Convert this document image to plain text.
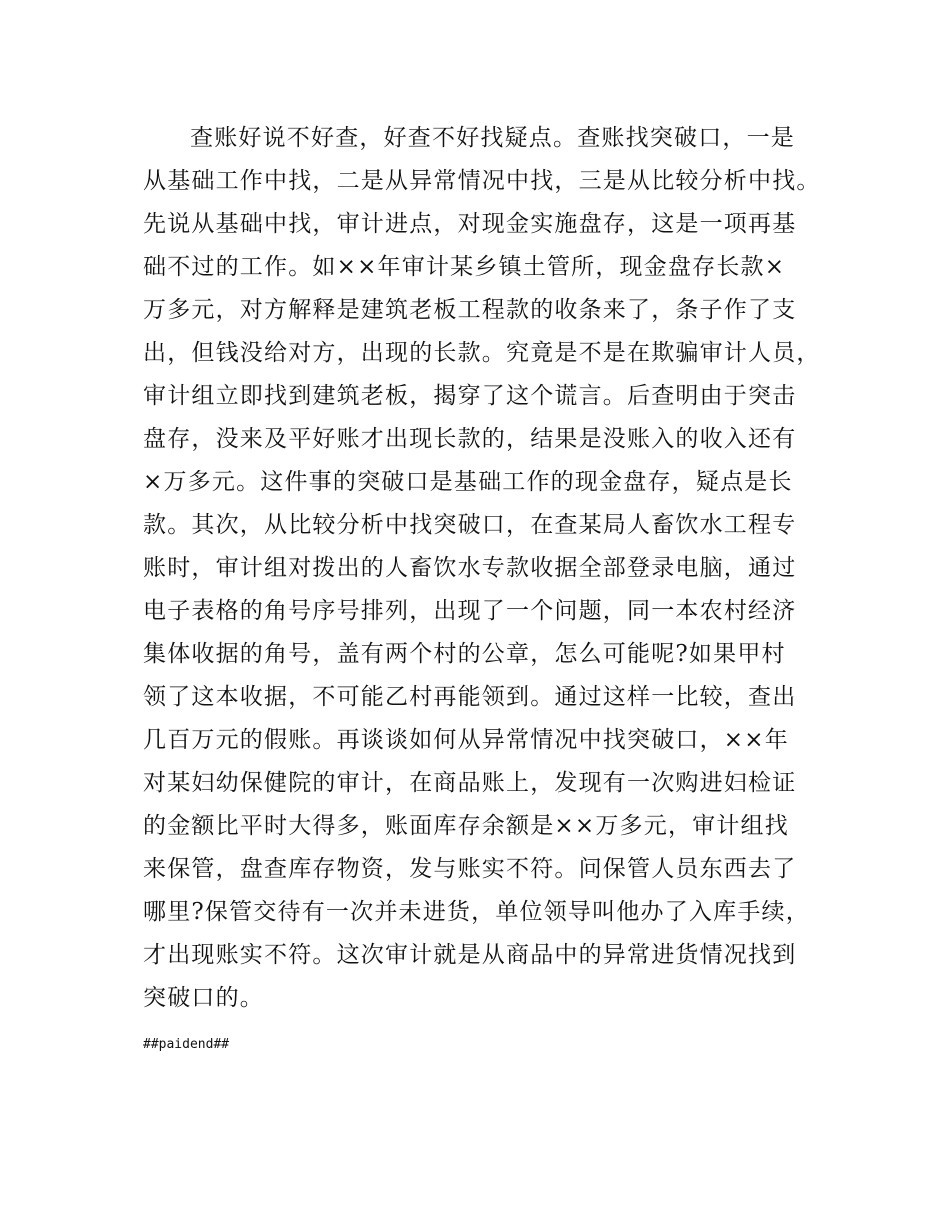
查账好说不好查，好查不好找疑点。查账找突破口，一是
从基础工作中找，二是从异常情况中找，三是从比较分析中找。
先说从基础中找，审计进点，对现金实施盘存，这是一项再基
础不过的工作。如××年审计某乡镇土管所，现金盘存长款×
万多元，对方解释是建筑老板工程款的收条来了，条子作了支
出，但钱没给对方，出现的长款。究竟是不是在欺骗审计人员，
审计组立即找到建筑老板，揭穿了这个谎言。后查明由于突击
盘存，没来及平好账才出现长款的，结果是没账入的收入还有
×万多元。这件事的突破口是基础工作的现金盘存，疑点是长
款。其次，从比较分析中找突破口，在查某局人畜饮水工程专
账时，审计组对拨出的人畜饮水专款收据全部登录电脑，通过
电子表格的角号序号排列，出现了一个问题，同一本农村经济
集体收据的角号，盖有两个村的公章，怎么可能呢?如果甲村
领了这本收据，不可能乙村再能领到。通过这样一比较，查出
几百万元的假账。再谈谈如何从异常情况中找突破口，××年
对某妇幼保健院的审计，在商品账上，发现有一次购进妇检证
的金额比平时大得多，账面库存余额是××万多元，审计组找
来保管，盘查库存物资，发与账实不符。问保管人员东西去了
哪里?保管交待有一次并未进货，单位领导叫他办了入库手续，
才出现账实不符。这次审计就是从商品中的异常进货情况找到
突破口的。
##paidend##
